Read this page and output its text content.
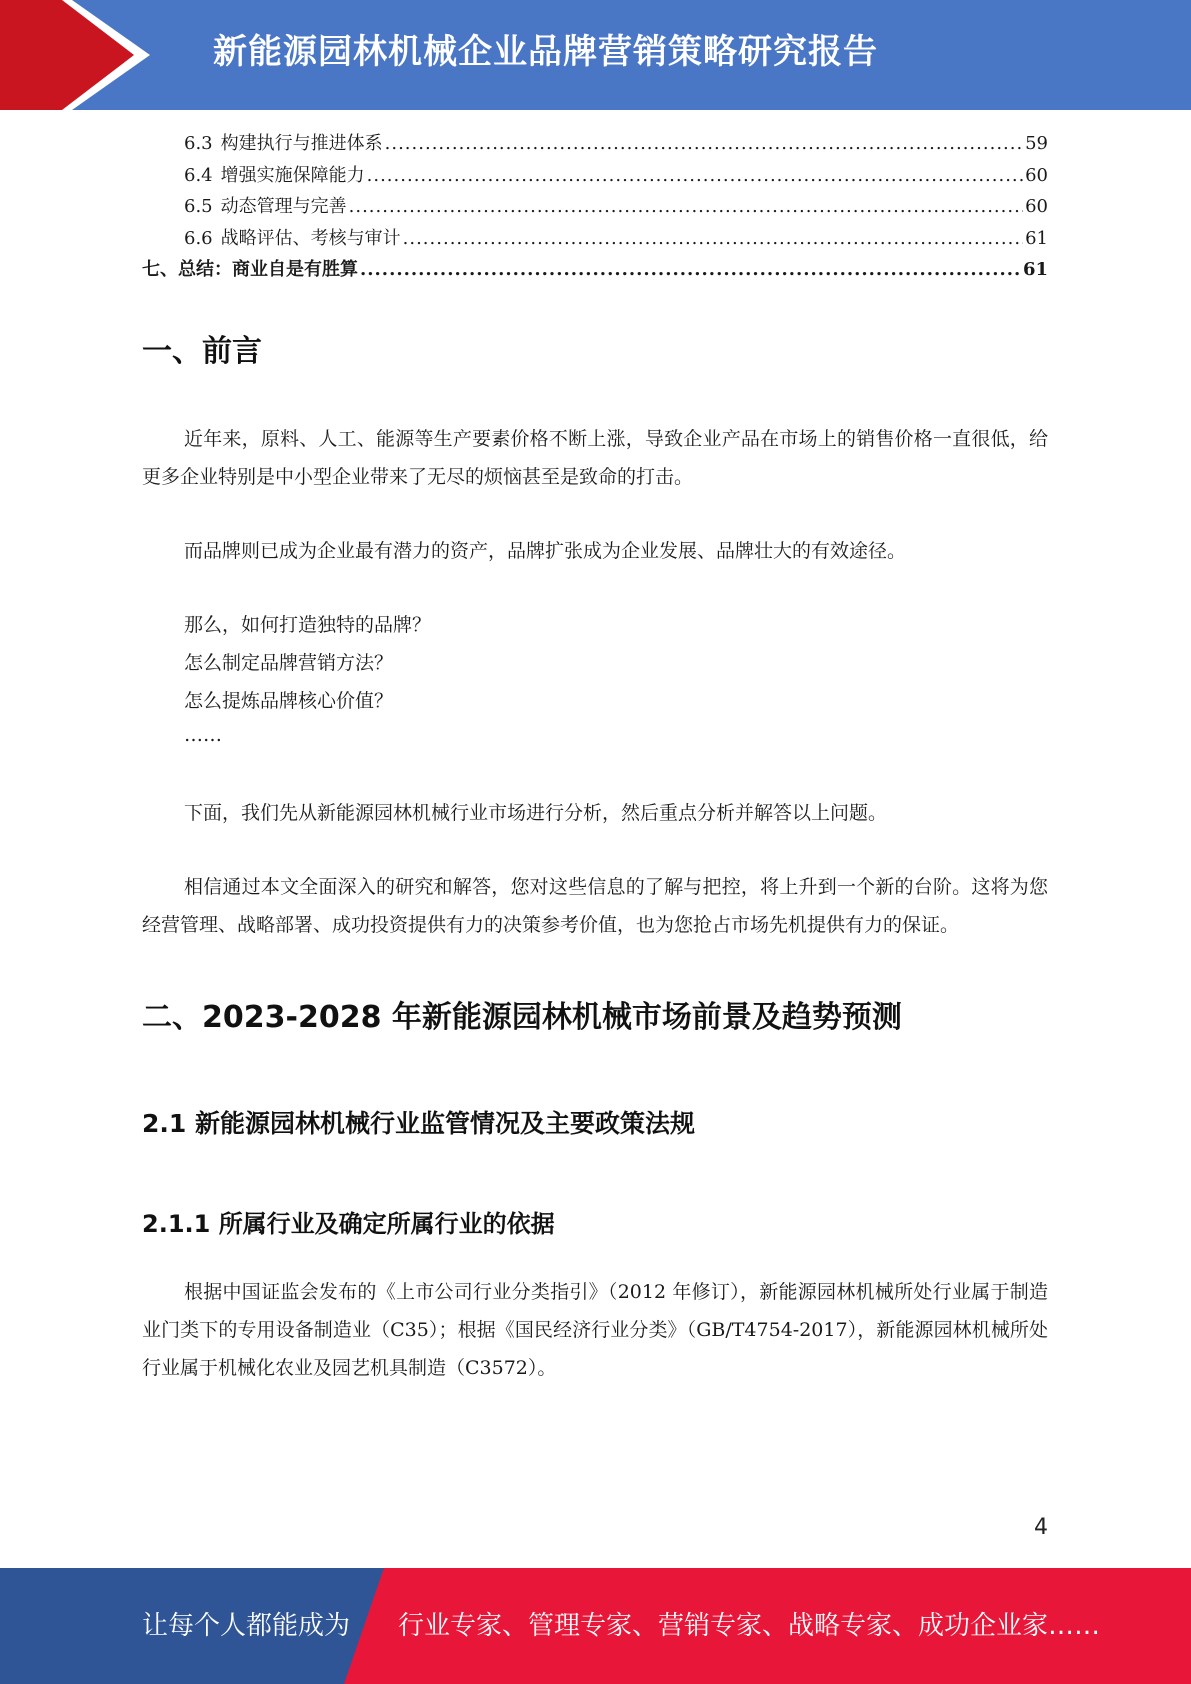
新能源园林机械企业品牌营销策略研究报告
6.3 构建执行与推进体系 .....	59
6.4 增强实施保障能力 .....	60
6.5 动态管理与完善 .....	60
6.6 战略评估、考核与审计 .....	61
七、总结：商业自是有胜算 .....	61
一、前言

近年来，原料、人工、能源等生产要素价格不断上涨，导致企业产品在市场上的销售价格一直很低，给更多企业特别是中小型企业带来了无尽的烦恼甚至是致命的打击。

而品牌则已成为企业最有潜力的资产，品牌扩张成为企业发展、品牌壮大的有效途径。

那么，如何打造独特的品牌？
怎么制定品牌营销方法？
怎么提炼品牌核心价值？
……

下面，我们先从新能源园林机械行业市场进行分析，然后重点分析并解答以上问题。

相信通过本文全面深入的研究和解答，您对这些信息的了解与把控，将上升到一个新的台阶。这将为您经营管理、战略部署、成功投资提供有力的决策参考价值，也为您抢占市场先机提供有力的保证。

二、2023-2028 年新能源园林机械市场前景及趋势预测
2.1 新能源园林机械行业监管情况及主要政策法规
2.1.1 所属行业及确定所属行业的依据

根据中国证监会发布的《上市公司行业分类指引》（2012 年修订），新能源园林机械所处行业属于制造业门类下的专用设备制造业（C35）；根据《国民经济行业分类》（GB/T4754-2017），新能源园林机械所处行业属于机械化农业及园艺机具制造（C3572）。

4
让每个人都能成为 行业专家、管理专家、营销专家、战略专家、成功企业家……
